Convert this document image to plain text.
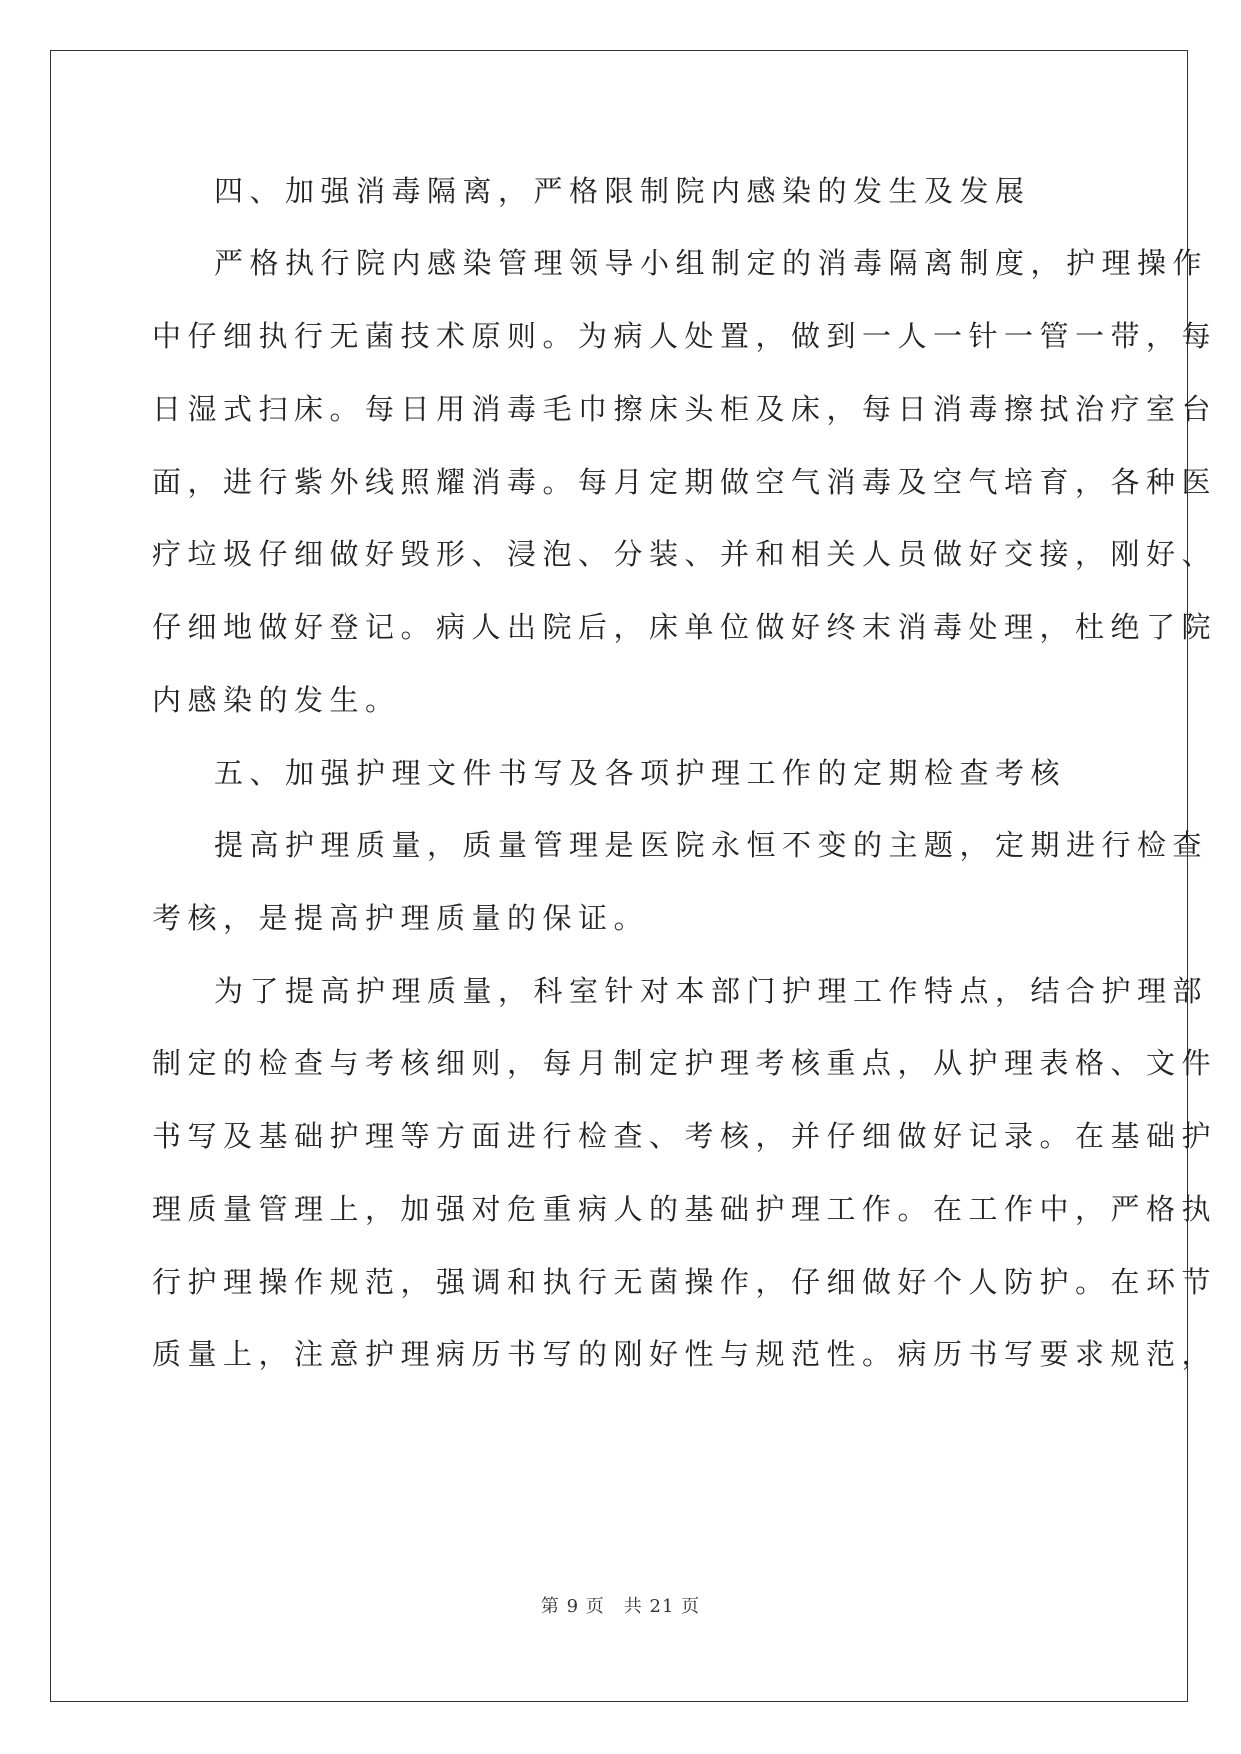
四、加强消毒隔离，严格限制院内感染的发生及发展
严格执行院内感染管理领导小组制定的消毒隔离制度，护理操作
中仔细执行无菌技术原则。为病人处置，做到一人一针一管一带，每
日湿式扫床。每日用消毒毛巾擦床头柜及床，每日消毒擦拭治疗室台
面，进行紫外线照耀消毒。每月定期做空气消毒及空气培育，各种医
疗垃圾仔细做好毁形、浸泡、分装、并和相关人员做好交接，刚好、
仔细地做好登记。病人出院后，床单位做好终末消毒处理，杜绝了院
内感染的发生。
五、加强护理文件书写及各项护理工作的定期检查考核
提高护理质量，质量管理是医院永恒不变的主题，定期进行检查
考核，是提高护理质量的保证。
为了提高护理质量，科室针对本部门护理工作特点，结合护理部
制定的检查与考核细则，每月制定护理考核重点，从护理表格、文件
书写及基础护理等方面进行检查、考核，并仔细做好记录。在基础护
理质量管理上，加强对危重病人的基础护理工作。在工作中，严格执
行护理操作规范，强调和执行无菌操作，仔细做好个人防护。在环节
质量上，注意护理病历书写的刚好性与规范性。病历书写要求规范，
第 9 页　共 21 页
